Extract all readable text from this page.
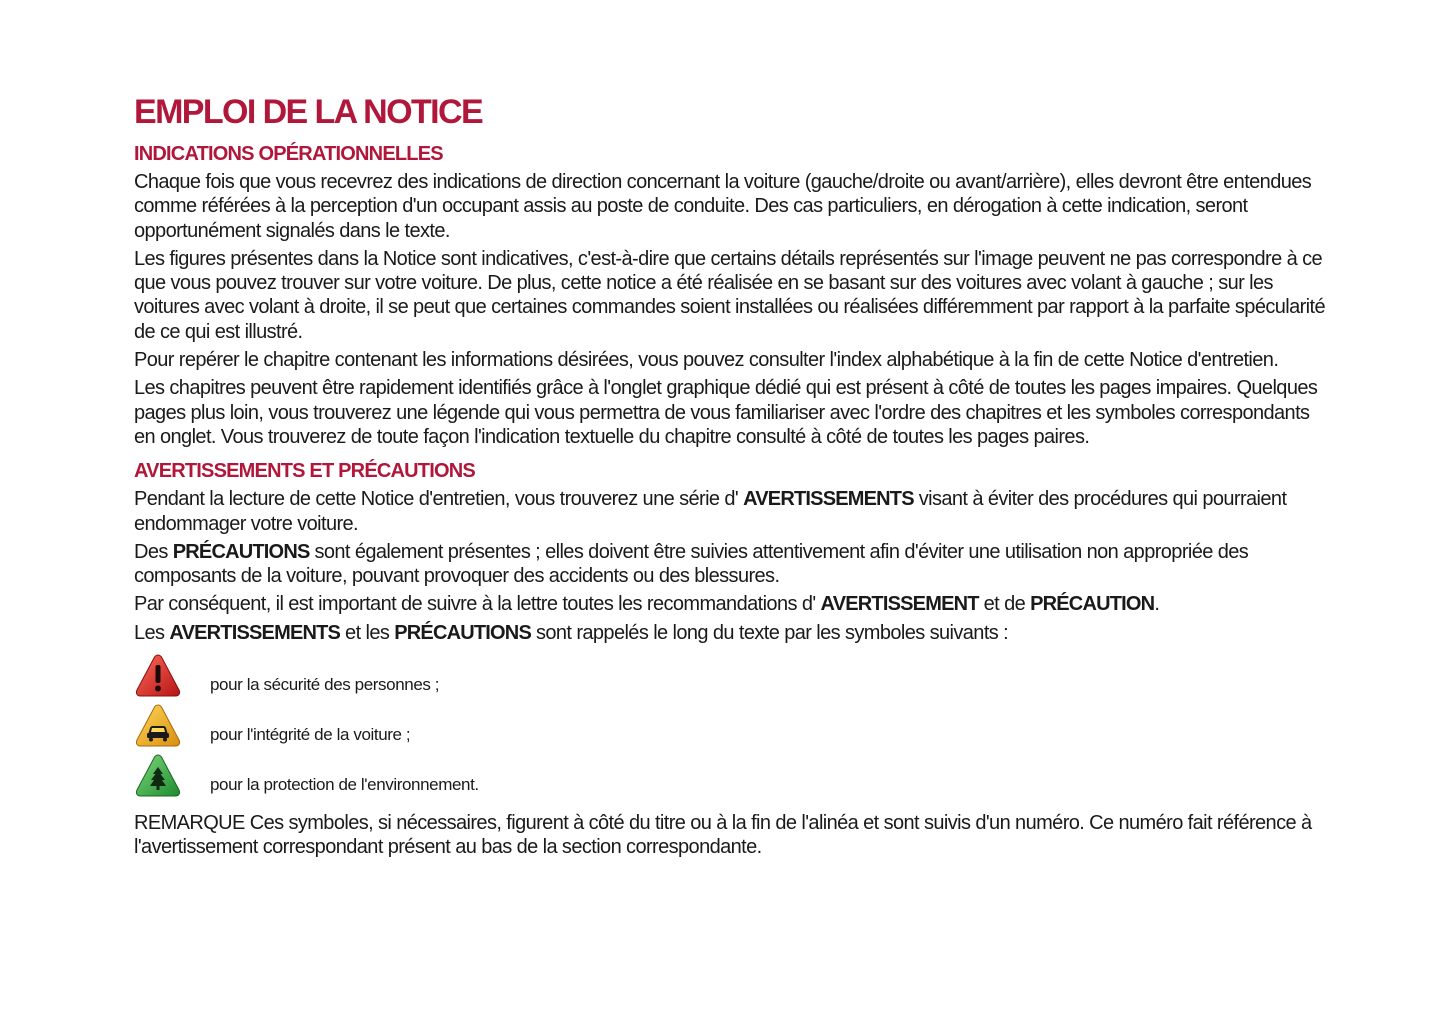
EMPLOI DE LA NOTICE
INDICATIONS OPÉRATIONNELLES

Chaque fois que vous recevrez des indications de direction concernant la voiture (gauche/droite ou avant/arrière), elles devront être entendues comme référées à la perception d'un occupant assis au poste de conduite. Des cas particuliers, en dérogation à cette indication, seront opportunément signalés dans le texte.

Les figures présentes dans la Notice sont indicatives, c'est-à-dire que certains détails représentés sur l'image peuvent ne pas correspondre à ce que vous pouvez trouver sur votre voiture. De plus, cette notice a été réalisée en se basant sur des voitures avec volant à gauche ; sur les voitures avec volant à droite, il se peut que certaines commandes soient installées ou réalisées différemment par rapport à la parfaite spécularité de ce qui est illustré.

Pour repérer le chapitre contenant les informations désirées, vous pouvez consulter l'index alphabétique à la fin de cette Notice d'entretien.

Les chapitres peuvent être rapidement identifiés grâce à l'onglet graphique dédié qui est présent à côté de toutes les pages impaires. Quelques pages plus loin, vous trouverez une légende qui vous permettra de vous familiariser avec l'ordre des chapitres et les symboles correspondants en onglet. Vous trouverez de toute façon l'indication textuelle du chapitre consulté à côté de toutes les pages paires.

AVERTISSEMENTS ET PRÉCAUTIONS

Pendant la lecture de cette Notice d'entretien, vous trouverez une série d' AVERTISSEMENTS visant à éviter des procédures qui pourraient endommager votre voiture.

Des PRÉCAUTIONS sont également présentes ; elles doivent être suivies attentivement afin d'éviter une utilisation non appropriée des composants de la voiture, pouvant provoquer des accidents ou des blessures.

Par conséquent, il est important de suivre à la lettre toutes les recommandations d' AVERTISSEMENT et de PRÉCAUTION.

Les AVERTISSEMENTS et les PRÉCAUTIONS sont rappelés le long du texte par les symboles suivants :

pour la sécurité des personnes ;
pour l'intégrité de la voiture ;
pour la protection de l'environnement.

REMARQUE Ces symboles, si nécessaires, figurent à côté du titre ou à la fin de l'alinéa et sont suivis d'un numéro. Ce numéro fait référence à l'avertissement correspondant présent au bas de la section correspondante.
